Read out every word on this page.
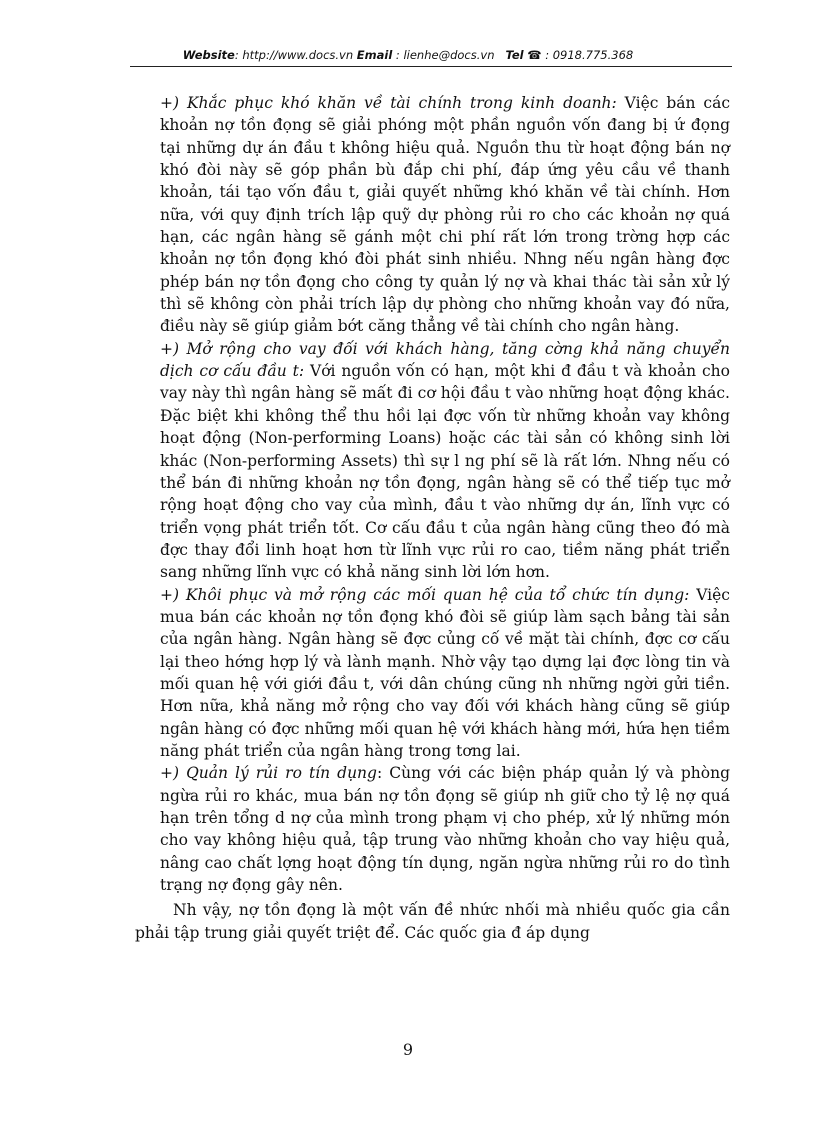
Website: http://www.docs.vn Email : lienhe@docs.vn Tel ☎ : 0918.775.368

+) Khắc phục khó khăn về tài chính trong kinh doanh: Việc bán các khoản nợ tồn đọng sẽ giải phóng một phần nguồn vốn đang bị ứ đọng tại những dự án đầu t không hiệu quả. Nguồn thu từ hoạt động bán nợ khó đòi này sẽ góp phần bù đắp chi phí, đáp ứng yêu cầu về thanh khoản, tái tạo vốn đầu t, giải quyết những khó khăn về tài chính. Hơn nữa, với quy định trích lập quỹ dự phòng rủi ro cho các khoản nợ quá hạn, các ngân hàng sẽ gánh một chi phí rất lớn trong trờng hợp các khoản nợ tồn đọng khó đòi phát sinh nhiều. Nhng nếu ngân hàng đợc phép bán nợ tồn đọng cho công ty quản lý nợ và khai thác tài sản xử lý thì sẽ không còn phải trích lập dự phòng cho những khoản vay đó nữa, điều này sẽ giúp giảm bớt căng thẳng về tài chính cho ngân hàng.

+) Mở rộng cho vay đối với khách hàng, tăng cờng khả năng chuyển dịch cơ cấu đầu t: Với nguồn vốn có hạn, một khi đ đầu t và khoản cho vay này thì ngân hàng sẽ mất đi cơ hội đầu t vào những hoạt động khác. Đặc biệt khi không thể thu hồi lại đợc vốn từ những khoản vay không hoạt động (Non-performing Loans) hoặc các tài sản có không sinh lời khác (Non-performing Assets) thì sự l ng phí sẽ là rất lớn. Nhng nếu có thể bán đi những khoản nợ tồn đọng, ngân hàng sẽ có thể tiếp tục mở rộng hoạt động cho vay của mình, đầu t vào những dự án, lĩnh vực có triển vọng phát triển tốt. Cơ cấu đầu t của ngân hàng cũng theo đó mà đợc thay đổi linh hoạt hơn từ lĩnh vực rủi ro cao, tiềm năng phát triển sang những lĩnh vực có khả năng sinh lời lớn hơn.

+) Khôi phục và mở rộng các mối quan hệ của tổ chức tín dụng: Việc mua bán các khoản nợ tồn đọng khó đòi sẽ giúp làm sạch bảng tài sản của ngân hàng. Ngân hàng sẽ đợc củng cố về mặt tài chính, đợc cơ cấu lại theo hớng hợp lý và lành mạnh. Nhờ vậy tạo dựng lại đợc lòng tin và mối quan hệ với giới đầu t, với dân chúng cũng nh những ngời gửi tiền. Hơn nữa, khả năng mở rộng cho vay đối với khách hàng cũng sẽ giúp ngân hàng có đợc những mối quan hệ với khách hàng mới, hứa hẹn tiềm năng phát triển của ngân hàng trong tơng lai.

+) Quản lý rủi ro tín dụng: Cùng với các biện pháp quản lý và phòng ngừa rủi ro khác, mua bán nợ tồn đọng sẽ giúp nh giữ cho tỷ lệ nợ quá hạn trên tổng d nợ của mình trong phạm vị cho phép, xử lý những món cho vay không hiệu quả, tập trung vào những khoản cho vay hiệu quả, nâng cao chất lợng hoạt động tín dụng, ngăn ngừa những rủi ro do tình trạng nợ đọng gây nên.

Nh vậy, nợ tồn đọng là một vấn đề nhức nhối mà nhiều quốc gia cần phải tập trung giải quyết triệt để. Các quốc gia đ áp dụng

9
